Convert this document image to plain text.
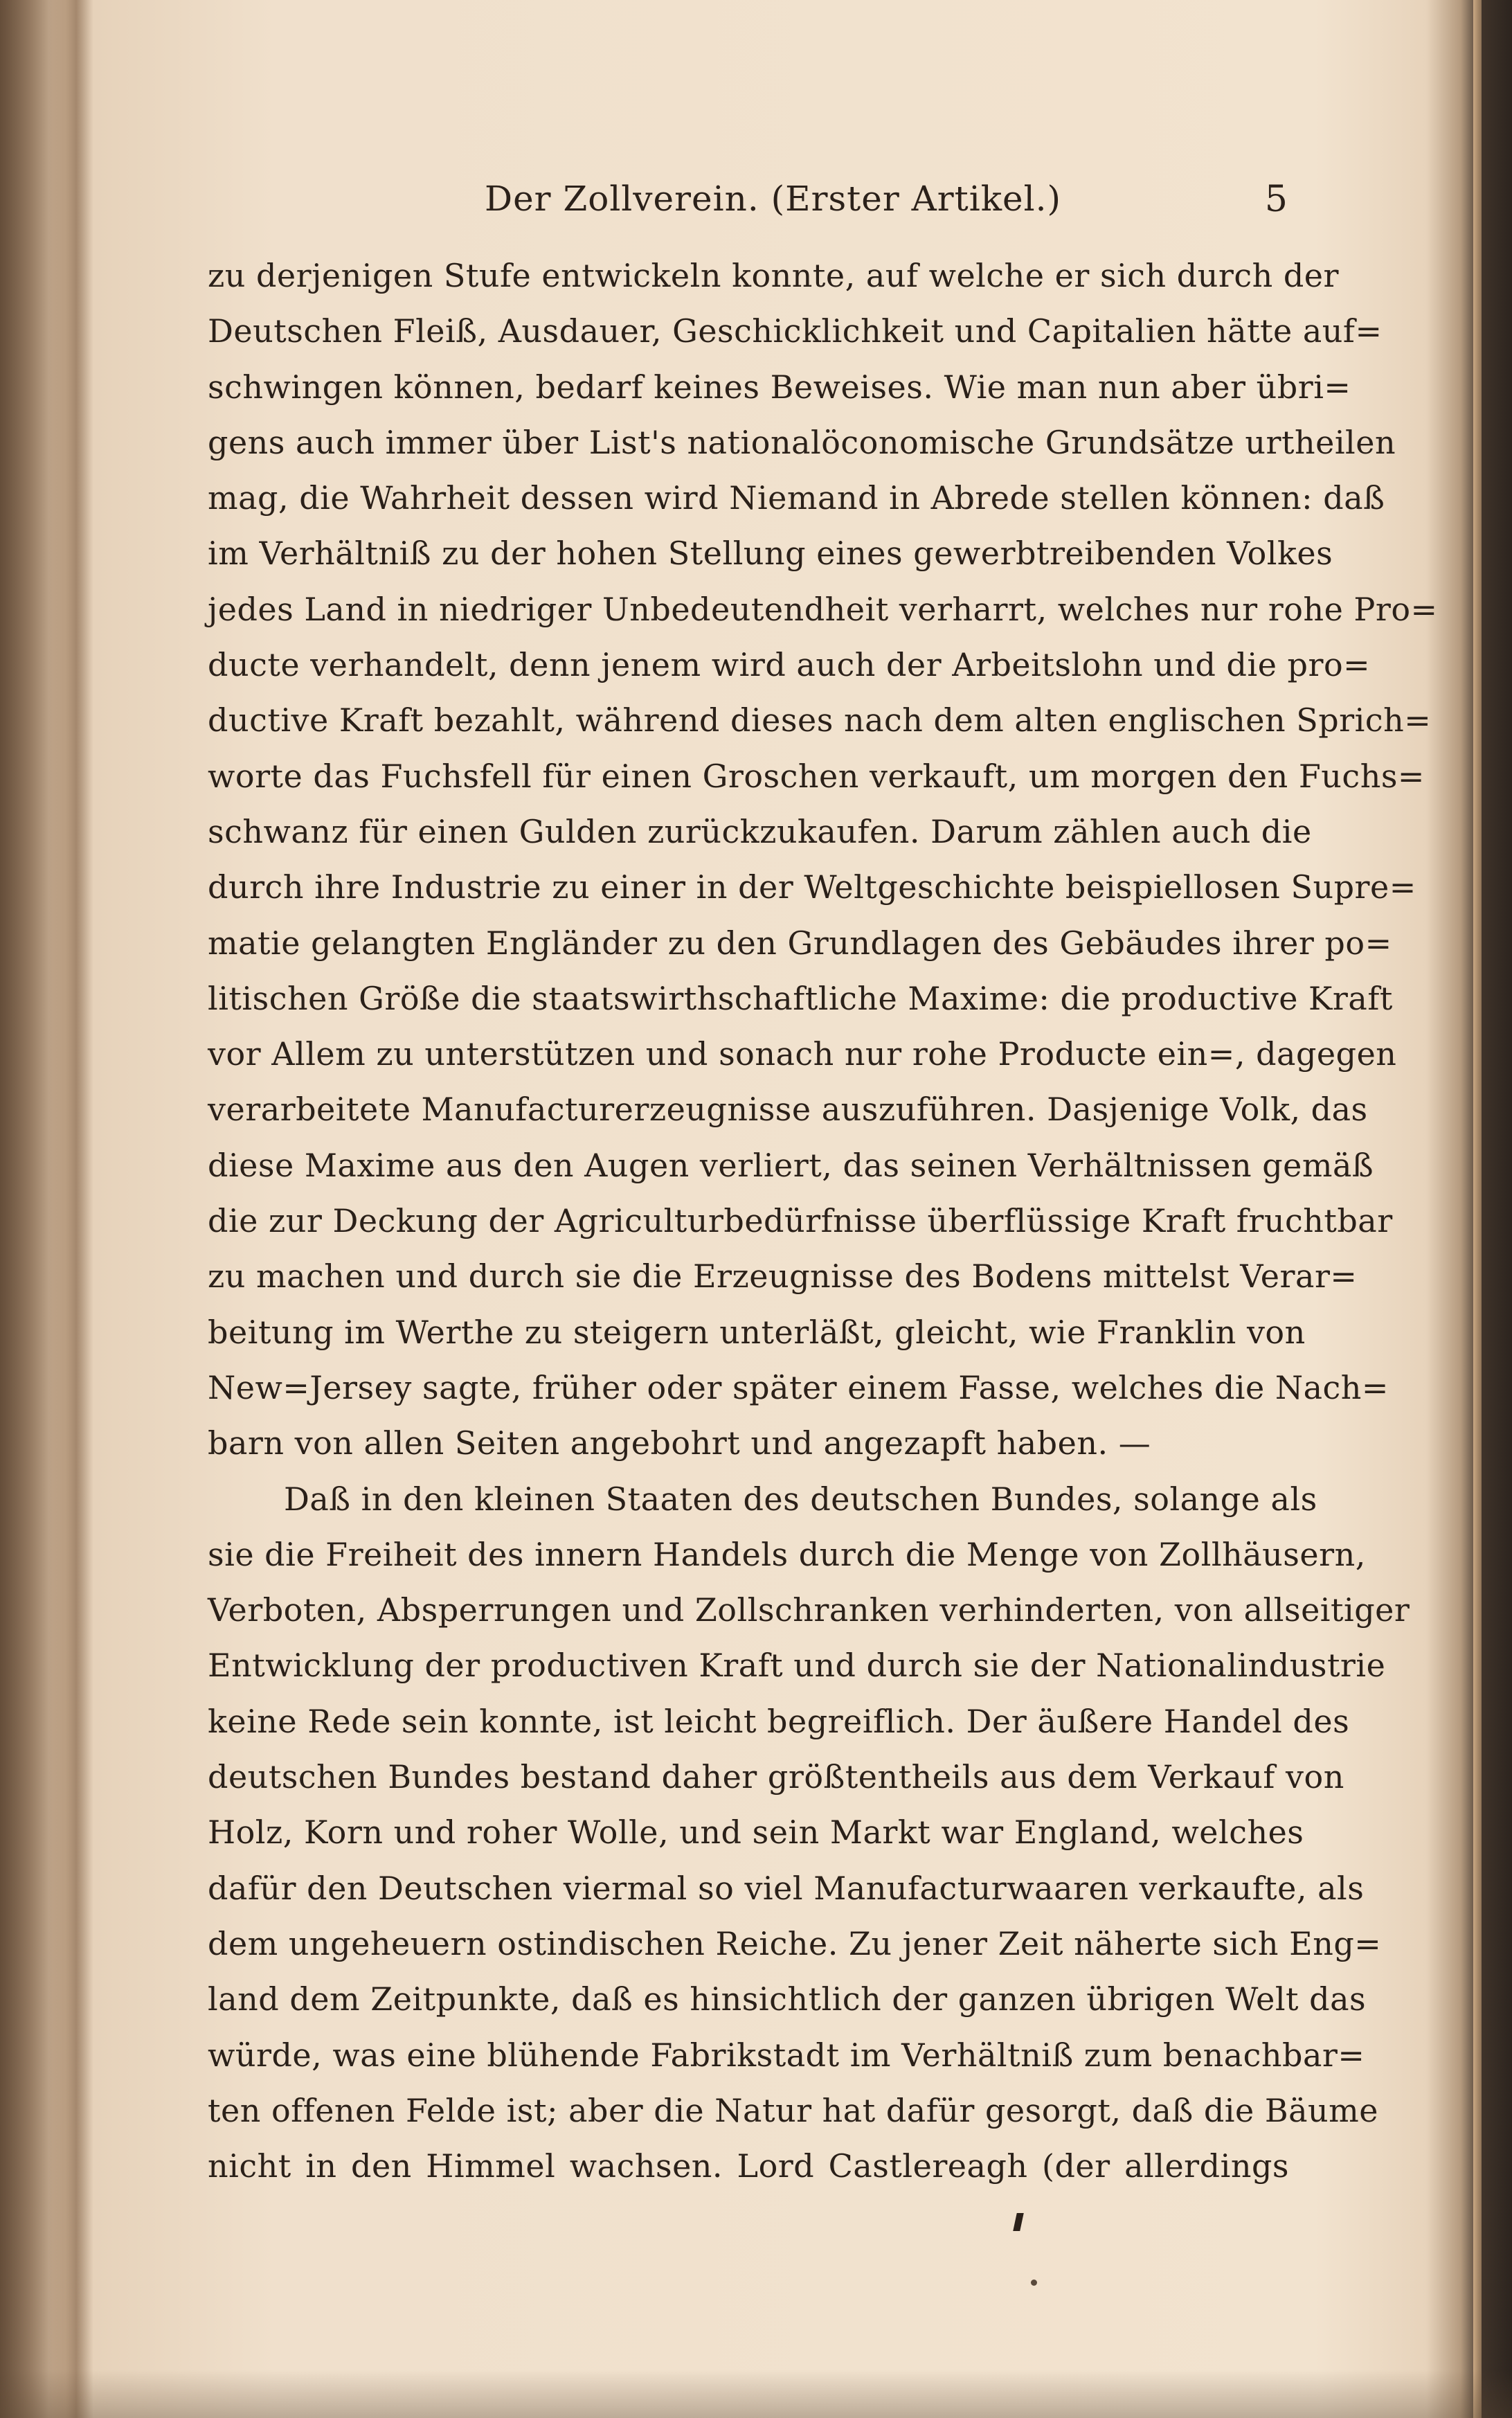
Der Zollverein. (Erster Artikel.)	5
zu derjenigen Stufe entwickeln konnte, auf welche er sich durch der
Deutschen Fleiß, Ausdauer, Geschicklichkeit und Capitalien hätte auf=
schwingen können, bedarf keines Beweises. Wie man nun aber übri=
gens auch immer über List's nationalöconomische Grundsätze urtheilen
mag, die Wahrheit dessen wird Niemand in Abrede stellen können: daß
im Verhältniß zu der hohen Stellung eines gewerbtreibenden Volkes
jedes Land in niedriger Unbedeutendheit verharrt, welches nur rohe Pro=
ducte verhandelt, denn jenem wird auch der Arbeitslohn und die pro=
ductive Kraft bezahlt, während dieses nach dem alten englischen Sprich=
worte das Fuchsfell für einen Groschen verkauft, um morgen den Fuchs=
schwanz für einen Gulden zurückzukaufen. Darum zählen auch die
durch ihre Industrie zu einer in der Weltgeschichte beispiellosen Supre=
matie gelangten Engländer zu den Grundlagen des Gebäudes ihrer po=
litischen Größe die staatswirthschaftliche Maxime: die productive Kraft
vor Allem zu unterstützen und sonach nur rohe Producte ein=, dagegen
verarbeitete Manufacturerzeugnisse auszuführen. Dasjenige Volk, das
diese Maxime aus den Augen verliert, das seinen Verhältnissen gemäß
die zur Deckung der Agriculturbedürfnisse überflüssige Kraft fruchtbar
zu machen und durch sie die Erzeugnisse des Bodens mittelst Verar=
beitung im Werthe zu steigern unterläßt, gleicht, wie Franklin von
New=Jersey sagte, früher oder später einem Fasse, welches die Nach=
barn von allen Seiten angebohrt und angezapft haben. —
Daß in den kleinen Staaten des deutschen Bundes, solange als
sie die Freiheit des innern Handels durch die Menge von Zollhäusern,
Verboten, Absperrungen und Zollschranken verhinderten, von allseitiger
Entwicklung der productiven Kraft und durch sie der Nationalindustrie
keine Rede sein konnte, ist leicht begreiflich. Der äußere Handel des
deutschen Bundes bestand daher größtentheils aus dem Verkauf von
Holz, Korn und roher Wolle, und sein Markt war England, welches
dafür den Deutschen viermal so viel Manufacturwaaren verkaufte, als
dem ungeheuern ostindischen Reiche. Zu jener Zeit näherte sich Eng=
land dem Zeitpunkte, daß es hinsichtlich der ganzen übrigen Welt das
würde, was eine blühende Fabrikstadt im Verhältniß zum benachbar=
ten offenen Felde ist; aber die Natur hat dafür gesorgt, daß die Bäume
nicht in den Himmel wachsen. Lord Castlereagh (der allerdings
